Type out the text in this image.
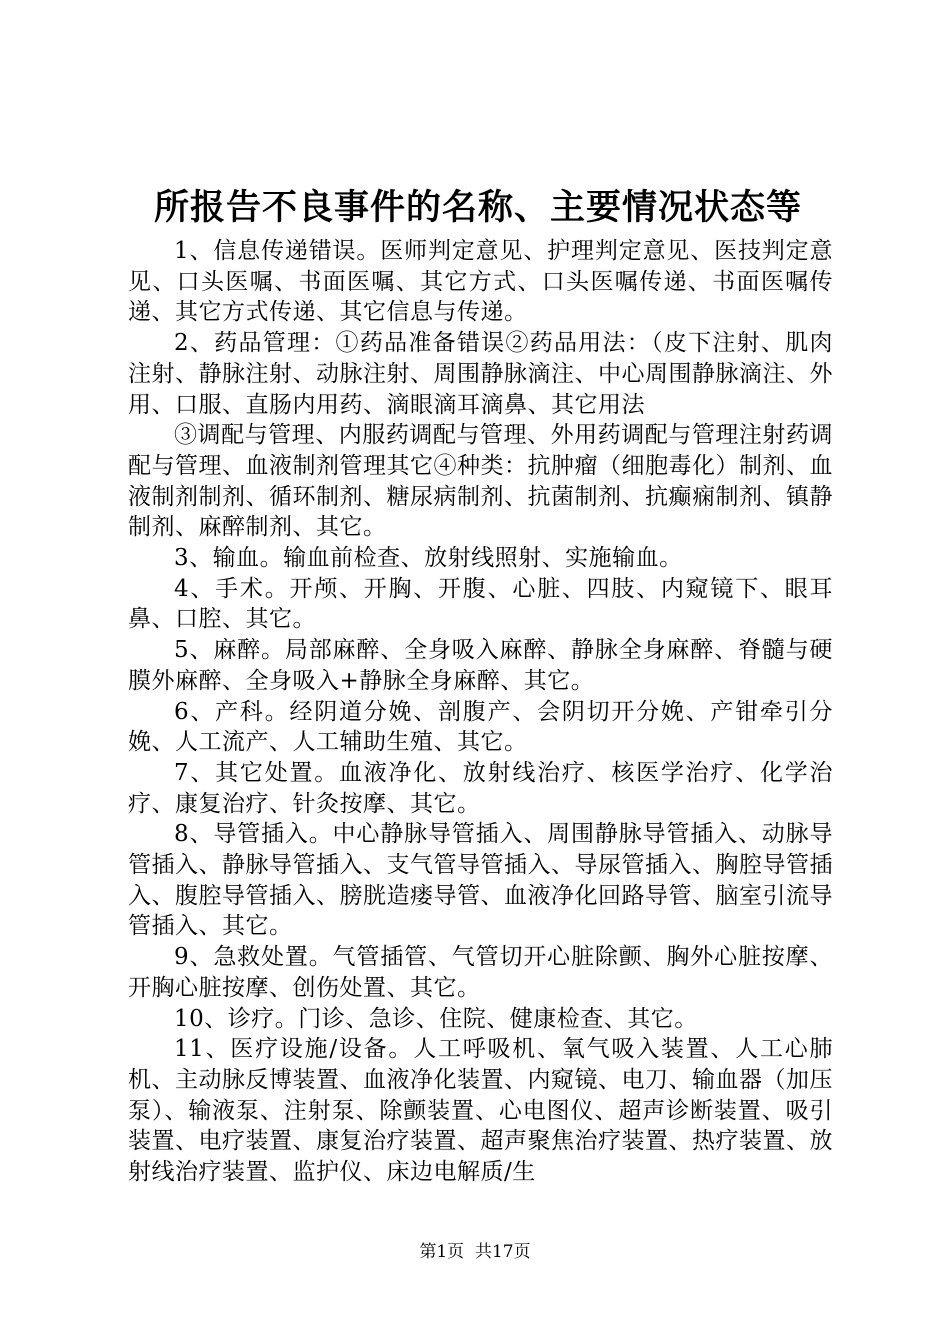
所报告不良事件的名称、主要情况状态等

1、信息传递错误。医师判定意见、护理判定意见、医技判定意见、口头医嘱、书面医嘱、其它方式、口头医嘱传递、书面医嘱传递、其它方式传递、其它信息与传递。

2、药品管理：①药品准备错误②药品用法：（皮下注射、肌肉注射、静脉注射、动脉注射、周围静脉滴注、中心周围静脉滴注、外用、口服、直肠内用药、滴眼滴耳滴鼻、其它用法

③调配与管理、内服药调配与管理、外用药调配与管理注射药调配与管理、血液制剂管理其它④种类：抗肿瘤（细胞毒化）制剂、血液制剂制剂、循环制剂、糖尿病制剂、抗菌制剂、抗癫痫制剂、镇静制剂、麻醉制剂、其它。

3、输血。输血前检查、放射线照射、实施输血。

4、手术。开颅、开胸、开腹、心脏、四肢、内窥镜下、眼耳鼻、口腔、其它。

5、麻醉。局部麻醉、全身吸入麻醉、静脉全身麻醉、脊髓与硬膜外麻醉、全身吸入+静脉全身麻醉、其它。

6、产科。经阴道分娩、剖腹产、会阴切开分娩、产钳牵引分娩、人工流产、人工辅助生殖、其它。

7、其它处置。血液净化、放射线治疗、核医学治疗、化学治疗、康复治疗、针灸按摩、其它。

8、导管插入。中心静脉导管插入、周围静脉导管插入、动脉导管插入、静脉导管插入、支气管导管插入、导尿管插入、胸腔导管插入、腹腔导管插入、膀胱造瘘导管、血液净化回路导管、脑室引流导管插入、其它。

9、急救处置。气管插管、气管切开心脏除颤、胸外心脏按摩、开胸心脏按摩、创伤处置、其它。

10、诊疗。门诊、急诊、住院、健康检查、其它。

11、医疗设施/设备。人工呼吸机、氧气吸入装置、人工心肺机、主动脉反博装置、血液净化装置、内窥镜、电刀、输血器（加压泵）、输液泵、注射泵、除颤装置、心电图仪、超声诊断装置、吸引装置、电疗装置、康复治疗装置、超声聚焦治疗装置、热疗装置、放射线治疗装置、监护仪、床边电解质/生

第1页  共17页
